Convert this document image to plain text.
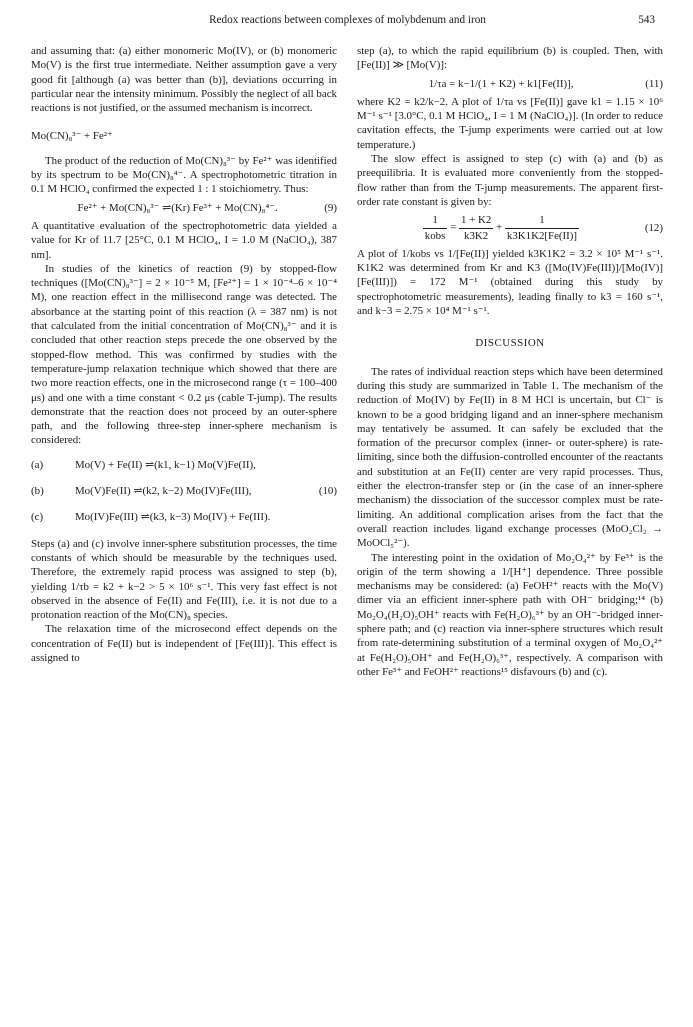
Redox reactions between complexes of molybdenum and iron	543

and assuming that: (a) either monomeric Mo(IV), or (b) monomeric Mo(V) is the first true intermediate. Neither assumption gave a very good fit [although (a) was better than (b)], deviations occurring in particular near the intensity minimum. Possibly the neglect of all back reactions is not justified, or the assumed mechanism is incorrect.

Mo(CN)₈³⁻ + Fe²⁺

The product of the reduction of Mo(CN)₈³⁻ by Fe²⁺ was identified by its spectrum to be Mo(CN)₈⁴⁻. A spectrophotometric titration in 0.1 M HClO₄ confirmed the expected 1 : 1 stoichiometry. Thus:

Fe²⁺ + Mo(CN)₈³⁻ ⇌(Kr) Fe³⁺ + Mo(CN)₈⁴⁻.	(9)

A quantitative evaluation of the spectrophotometric data yielded a value for Kr of 11.7 [25°C, 0.1 M HClO₄, I = 1.0 M (NaClO₄), 387 nm].

In studies of the kinetics of reaction (9) by stopped-flow techniques ([Mo(CN)₈³⁻] = 2 × 10⁻⁵ M, [Fe²⁺] = 1 × 10⁻⁴–6 × 10⁻⁴ M), one reaction effect in the millisecond range was detected. The absorbance at the starting point of this reaction (λ = 387 nm) is not that calculated from the initial concentration of Mo(CN)₈³⁻ and it is concluded that other reaction steps precede the one observed by the stopped-flow method. This was confirmed by studies with the temperature-jump relaxation technique which showed that there are two more reaction effects, one in the microsecond range (τ = 100–400 μs) and one with a time constant < 0.2 μs (cable T-jump). The results demonstrate that the reaction does not proceed by an outer-sphere path, and the following three-step inner-sphere mechanism is considered:

(a)	Mo(V) + Fe(II) ⇌(k1, k−1) Mo(V)Fe(II),
(b)	Mo(V)Fe(II) ⇌(k2, k−2) Mo(IV)Fe(III),	(10)
(c)	Mo(IV)Fe(III) ⇌(k3, k−3) Mo(IV) + Fe(III).

Steps (a) and (c) involve inner-sphere substitution processes, the time constants of which should be measurable by the techniques used. Therefore, the extremely rapid process was assigned to step (b), yielding 1/τb = k2 + k−2 > 5 × 10⁶ s⁻¹. This very fast effect is not observed in the absence of Fe(II) and Fe(III), i.e. it is not due to a protonation reaction of the Mo(CN)₈ species.

The relaxation time of the microsecond effect depends on the concentration of Fe(II) but is independent of [Fe(III)]. This effect is assigned to

step (a), to which the rapid equilibrium (b) is coupled. Then, with [Fe(II)] ≫ [Mo(V)]:

1/τa = k−1/(1 + K2) + k1[Fe(II)],	(11)

where K2 = k2/k−2. A plot of 1/τa vs [Fe(II)] gave k1 = 1.15 × 10⁶ M⁻¹ s⁻¹ [3.0°C, 0.1 M HClO₄, I = 1 M (NaClO₄)]. (In order to reduce cavitation effects, the T-jump experiments were carried out at low temperature.)

The slow effect is assigned to step (c) with (a) and (b) as preequilibria. It is evaluated more conveniently from the stopped-flow rather than from the T-jump measurements. The apparent first-order rate constant is given by:

$\frac{1}{\text{kobs}} = \frac{1 + K2}{k3K2} + \frac{1}{k3K1K2[Fe(II)]}$	(12)

A plot of 1/kobs vs 1/[Fe(II)] yielded k3K1K2 = 3.2 × 10⁵ M⁻¹ s⁻¹. K1K2 was determined from Kr and K3 ([Mo(IV)Fe(III)]/[Mo(IV)][Fe(III)]) = 172 M⁻¹ (obtained during this study by spectrophotometric measurements), leading finally to k3 = 160 s⁻¹, and k−3 = 2.75 × 10⁴ M⁻¹ s⁻¹.

DISCUSSION

The rates of individual reaction steps which have been determined during this study are summarized in Table 1. The mechanism of the reduction of Mo(IV) by Fe(II) in 8 M HCl is uncertain, but Cl⁻ is known to be a good bridging ligand and an inner-sphere mechanism may tentatively be assumed. It can safely be excluded that the formation of the precursor complex (inner- or outer-sphere) is rate-limiting, since both the diffusion-controlled encounter of the reactants and substitution at an Fe(II) center are very rapid processes. Thus, either the electron-transfer step or (in the case of an inner-sphere mechanism) the dissociation of the successor complex must be rate-limiting. An additional complication arises from the fact that the overall reaction includes ligand exchange processes (MoO₂Cl₂ → MoOCl₅²⁻).

The interesting point in the oxidation of Mo₂O₄²⁺ by Fe³⁺ is the origin of the term showing a 1/[H⁺] dependence. Three possible mechanisms may be considered: (a) FeOH²⁺ reacts with the Mo(V) dimer via an efficient inner-sphere path with OH⁻ bridging;¹⁴ (b) Mo₂O₄(H₂O)₅OH⁺ reacts with Fe(H₂O)₆³⁺ by an OH⁻-bridged inner-sphere path; and (c) reaction via inner-sphere structures which result from rate-determining substitution of a terminal oxygen of Mo₂O₄²⁺ at Fe(H₂O)₅OH⁺ and Fe(H₂O)₆³⁺, respectively. A comparison with other Fe³⁺ and FeOH²⁺ reactions¹⁵ disfavours (b) and (c).
